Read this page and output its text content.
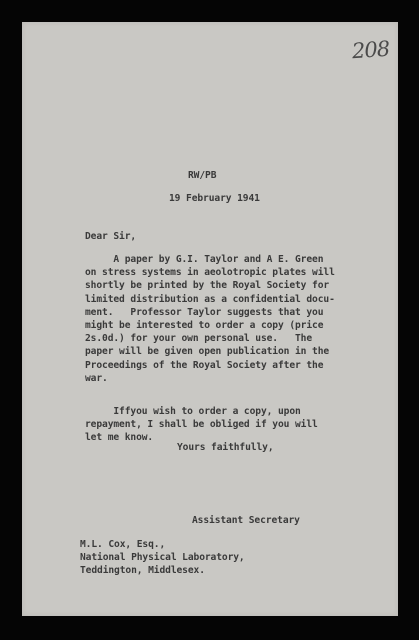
208
RW/PB
19 February 1941
Dear Sir,
A paper by G.I. Taylor and A E. Green
on stress systems in aeolotropic plates will
shortly be printed by the Royal Society for
limited distribution as a confidential docu-
ment.   Professor Taylor suggests that you
might be interested to order a copy (price
2s.0d.) for your own personal use.   The
paper will be given open publication in the
Proceedings of the Royal Society after the
war.
Iffyou wish to order a copy, upon
repayment, I shall be obliged if you will
let me know.
Yours faithfully,
Assistant Secretary
M.L. Cox, Esq.,
National Physical Laboratory,
Teddington, Middlesex.
